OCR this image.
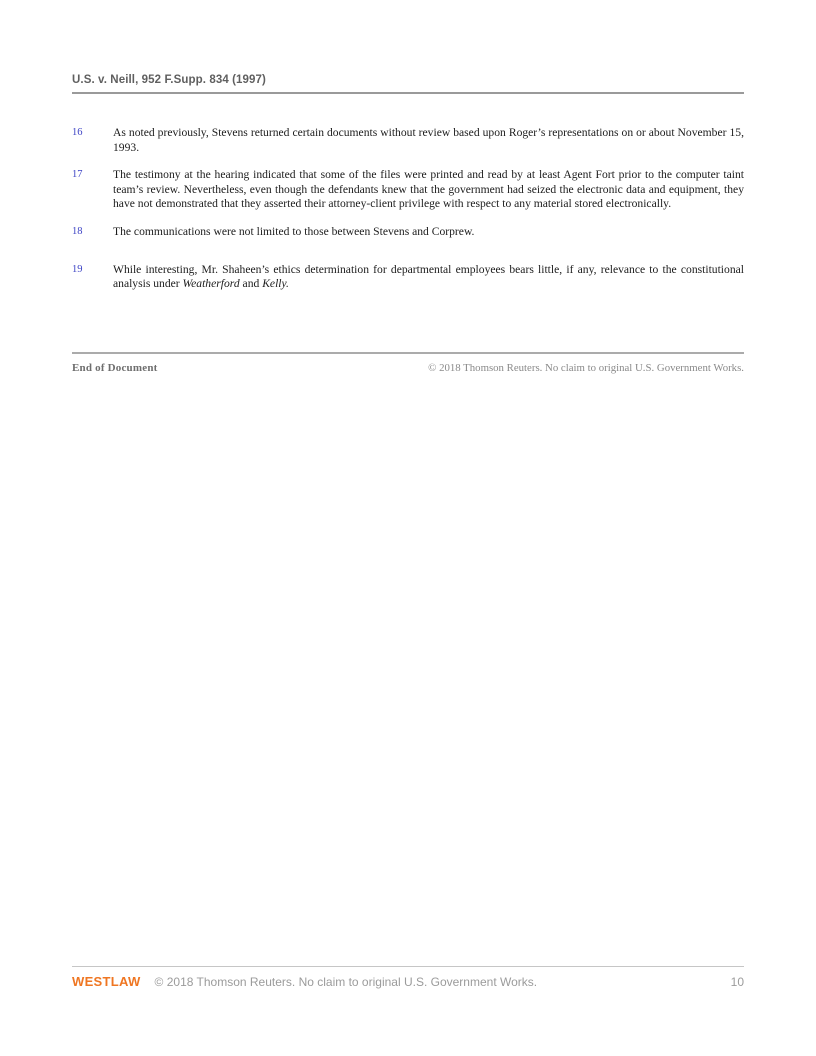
U.S. v. Neill, 952 F.Supp. 834 (1997)
16	As noted previously, Stevens returned certain documents without review based upon Roger’s representations on or about November 15, 1993.
17	The testimony at the hearing indicated that some of the files were printed and read by at least Agent Fort prior to the computer taint team’s review. Nevertheless, even though the defendants knew that the government had seized the electronic data and equipment, they have not demonstrated that they asserted their attorney-client privilege with respect to any material stored electronically.
18	The communications were not limited to those between Stevens and Corprew.
19	While interesting, Mr. Shaheen’s ethics determination for departmental employees bears little, if any, relevance to the constitutional analysis under Weatherford and Kelly.
End of Document	© 2018 Thomson Reuters. No claim to original U.S. Government Works.
WESTLAW © 2018 Thomson Reuters. No claim to original U.S. Government Works.	10
